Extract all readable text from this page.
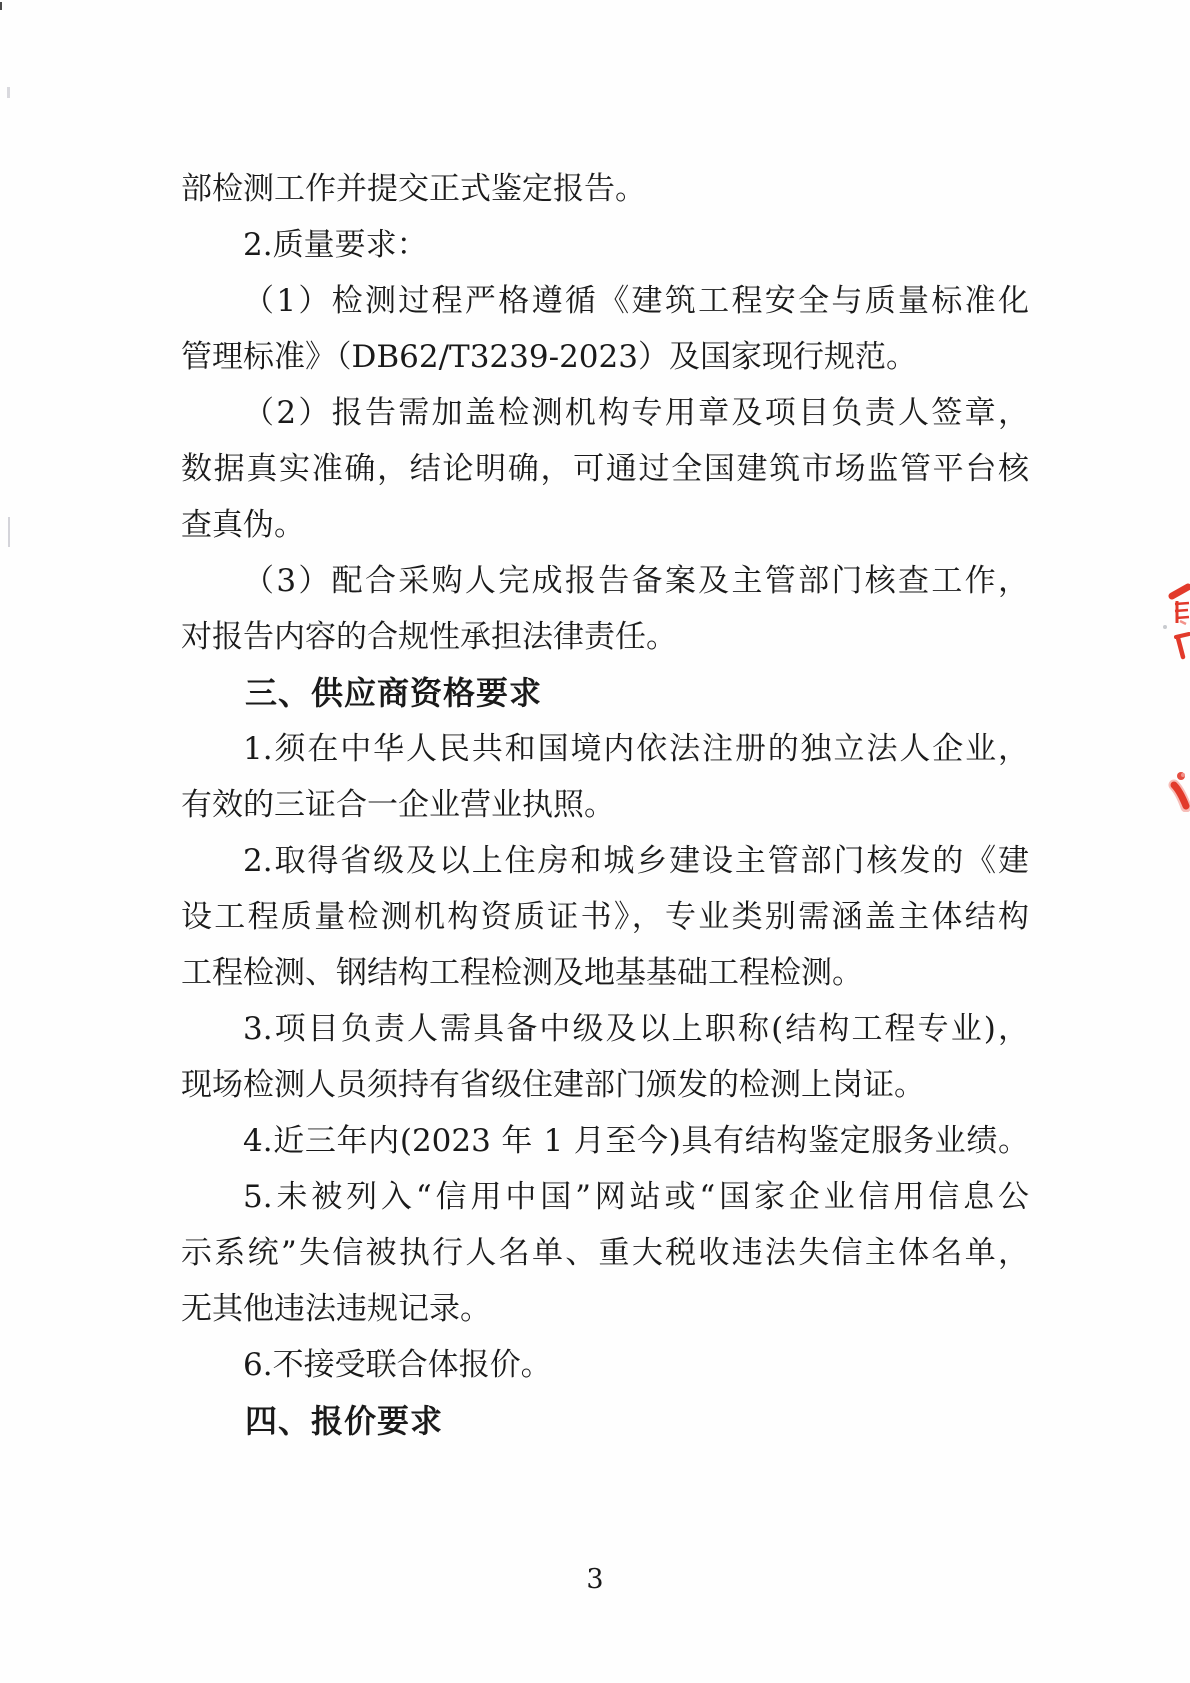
部检测工作并提交正式鉴定报告。
2.质量要求：
（1）检测过程严格遵循《建筑工程安全与质量标准化
管理标准》（DB62/T3239-2023）及国家现行规范。
（2）报告需加盖检测机构专用章及项目负责人签章，
数据真实准确，结论明确，可通过全国建筑市场监管平台核
查真伪。
（3）配合采购人完成报告备案及主管部门核查工作，
对报告内容的合规性承担法律责任。
三、供应商资格要求
1.须在中华人民共和国境内依法注册的独立法人企业，
有效的三证合一企业营业执照。
2.取得省级及以上住房和城乡建设主管部门核发的《建
设工程质量检测机构资质证书》，专业类别需涵盖主体结构
工程检测、钢结构工程检测及地基基础工程检测。
3.项目负责人需具备中级及以上职称(结构工程专业)，
现场检测人员须持有省级住建部门颁发的检测上岗证。
4.近三年内(2023 年 1 月至今)具有结构鉴定服务业绩。
5.未被列入“信用中国”网站或“国家企业信用信息公
示系统”失信被执行人名单、重大税收违法失信主体名单，
无其他违法违规记录。
6.不接受联合体报价。
四、报价要求
3
